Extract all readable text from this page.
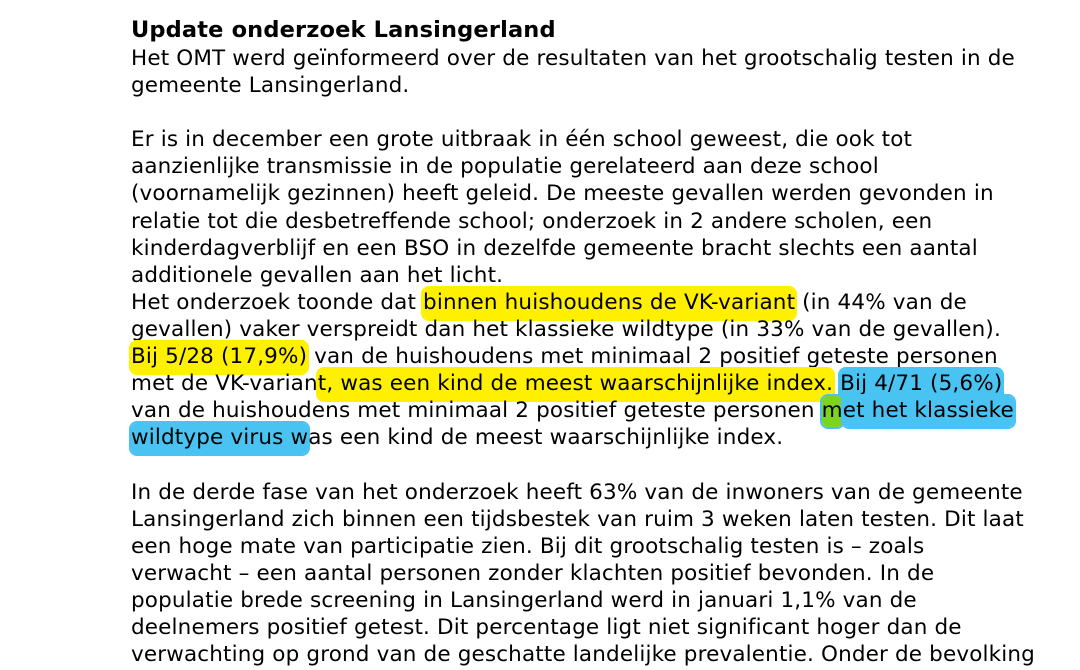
Update onderzoek Lansingerland
Het OMT werd geïnformeerd over de resultaten van het grootschalig testen in de
gemeente Lansingerland.
Er is in december een grote uitbraak in één school geweest, die ook tot
aanzienlijke transmissie in de populatie gerelateerd aan deze school
(voornamelijk gezinnen) heeft geleid. De meeste gevallen werden gevonden in
relatie tot die desbetreffende school; onderzoek in 2 andere scholen, een
kinderdagverblijf en een BSO in dezelfde gemeente bracht slechts een aantal
additionele gevallen aan het licht.
Het onderzoek toonde dat binnen huishoudens de VK-variant (in 44% van de
gevallen) vaker verspreidt dan het klassieke wildtype (in 33% van de gevallen).
Bij 5/28 (17,9%) van de huishoudens met minimaal 2 positief geteste personen
met de VK-variant, was een kind de meest waarschijnlijke index. Bij 4/71 (5,6%)
van de huishoudens met minimaal 2 positief geteste personen met het klassieke
wildtype virus was een kind de meest waarschijnlijke index.
In de derde fase van het onderzoek heeft 63% van de inwoners van de gemeente
Lansingerland zich binnen een tijdsbestek van ruim 3 weken laten testen. Dit laat
een hoge mate van participatie zien. Bij dit grootschalig testen is – zoals
verwacht – een aantal personen zonder klachten positief bevonden. In de
populatie brede screening in Lansingerland werd in januari 1,1% van de
deelnemers positief getest. Dit percentage ligt niet significant hoger dan de
verwachting op grond van de geschatte landelijke prevalentie. Onder de bevolking
